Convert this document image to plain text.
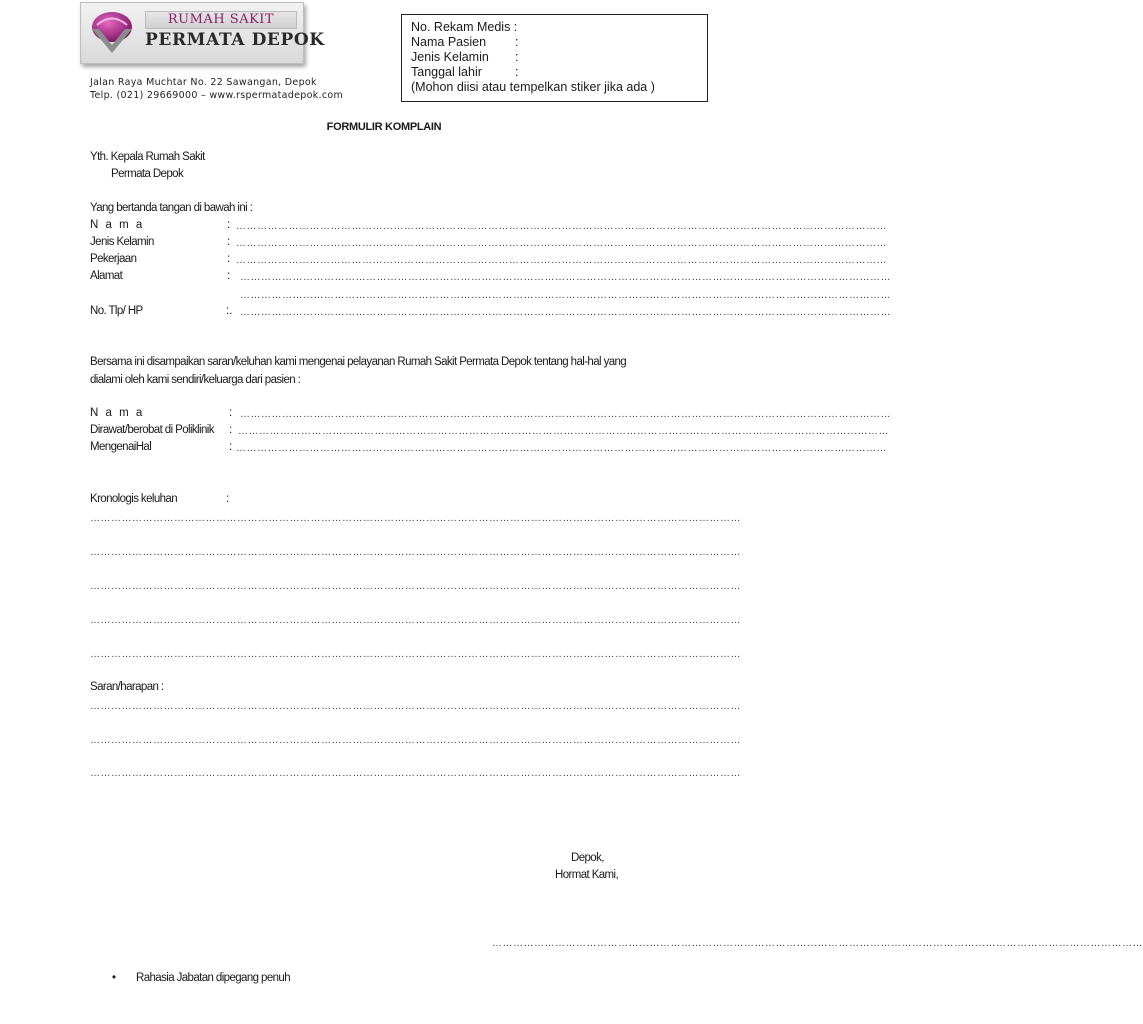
RUMAH SAKIT
PERMATA DEPOK
Jalan Raya Muchtar No. 22 Sawangan, Depok
Telp. (021) 29669000 – www.rspermatadepok.com
No. Rekam Medis :
Nama Pasien :
Jenis Kelamin :
Tanggal lahir	:
(Mohon diisi atau tempelkan stiker jika ada )
FORMULIR KOMPLAIN
Yth. Kepala Rumah Sakit
Permata Depok
Yang bertanda tangan di bawah ini :
N a m a	: ……………………………………………………………………………………………………………………………………………………………………
Jenis Kelamin	: ……………………………………………………………………………………………………………………………………………………………………
Pekerjaan	: ……………………………………………………………………………………………………………………………………………………………………
Alamat	: ……………………………………………………………………………………………………………………………………………………………………
……………………………………………………………………………………………………………………………………………………………………
No. Tlp/ HP	:. ……………………………………………………………………………………………………………………………………………………………………
Bersama ini disampaikan saran/keluhan kami mengenai pelayanan Rumah Sakit Permata Depok tentang hal-hal yang
dialami oleh kami sendiri/keluarga dari pasien :
N a m a	: ……………………………………………………………………………………………………………………………………………………………………
Dirawat/berobat di Poliklinik : ……………………………………………………………………………………………………………………………………………………………………
MengenaiHal	: ……………………………………………………………………………………………………………………………………………………………………
Kronologis keluhan	:
……………………………………………………………………………………………………………………………………………………………………
……………………………………………………………………………………………………………………………………………………………………
……………………………………………………………………………………………………………………………………………………………………
……………………………………………………………………………………………………………………………………………………………………
……………………………………………………………………………………………………………………………………………………………………
Saran/harapan :
……………………………………………………………………………………………………………………………………………………………………
……………………………………………………………………………………………………………………………………………………………………
……………………………………………………………………………………………………………………………………………………………………
Depok,
Hormat Kami,
……………………………………………………………………………………………………………………………………………………………………
• Rahasia Jabatan dipegang penuh
